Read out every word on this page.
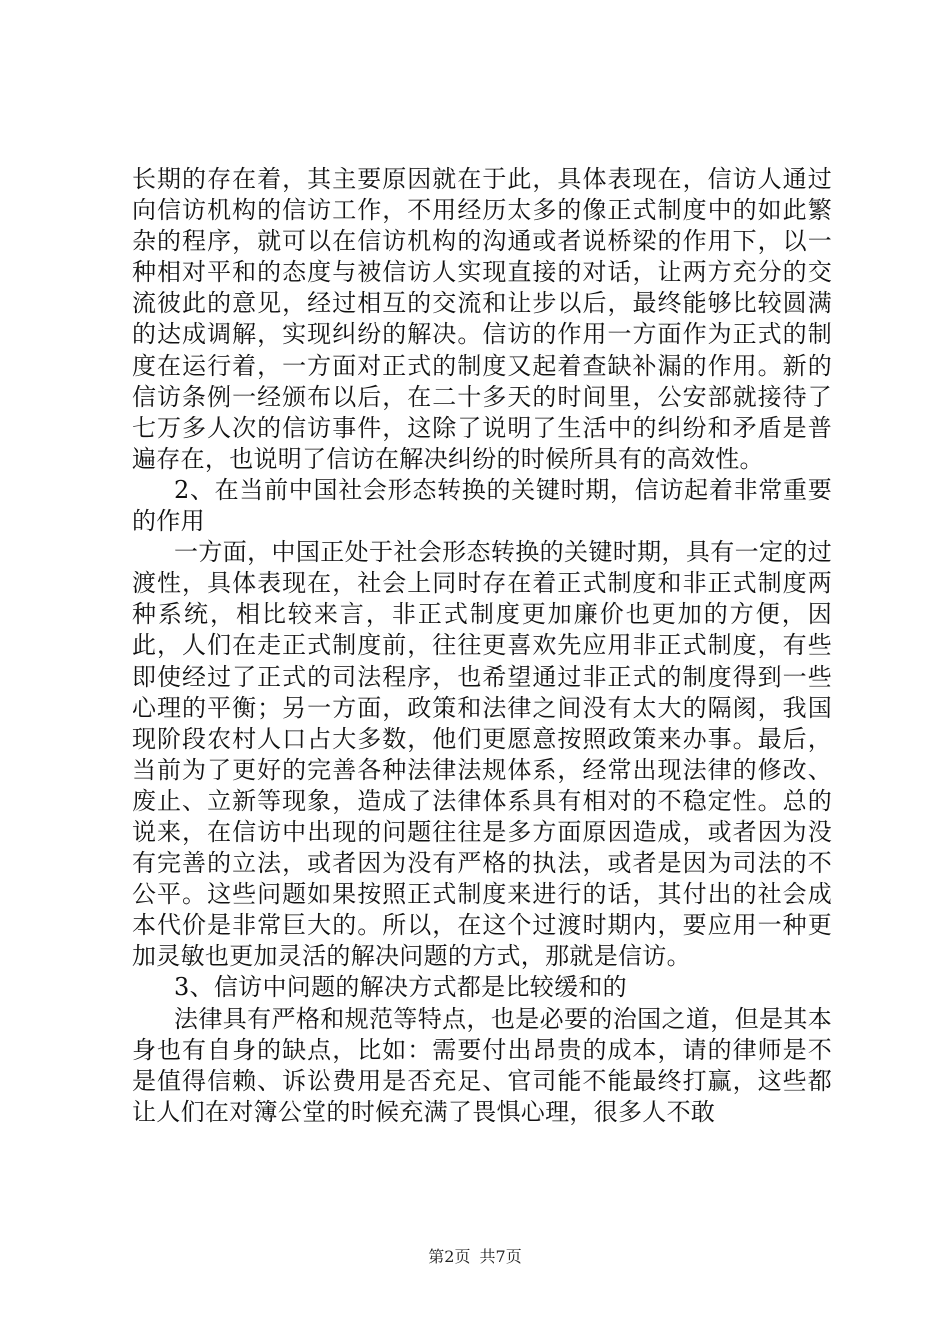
长期的存在着，其主要原因就在于此，具体表现在，信访人通过向信访机构的信访工作，不用经历太多的像正式制度中的如此繁杂的程序，就可以在信访机构的沟通或者说桥梁的作用下，以一种相对平和的态度与被信访人实现直接的对话，让两方充分的交流彼此的意见，经过相互的交流和让步以后，最终能够比较圆满的达成调解，实现纠纷的解决。信访的作用一方面作为正式的制度在运行着，一方面对正式的制度又起着查缺补漏的作用。新的信访条例一经颁布以后，在二十多天的时间里，公安部就接待了七万多人次的信访事件，这除了说明了生活中的纠纷和矛盾是普遍存在，也说明了信访在解决纠纷的时候所具有的高效性。

2、在当前中国社会形态转换的关键时期，信访起着非常重要的作用

一方面，中国正处于社会形态转换的关键时期，具有一定的过渡性，具体表现在，社会上同时存在着正式制度和非正式制度两种系统，相比较来言，非正式制度更加廉价也更加的方便，因此，人们在走正式制度前，往往更喜欢先应用非正式制度，有些即使经过了正式的司法程序，也希望通过非正式的制度得到一些心理的平衡；另一方面，政策和法律之间没有太大的隔阂，我国现阶段农村人口占大多数，他们更愿意按照政策来办事。最后，当前为了更好的完善各种法律法规体系，经常出现法律的修改、废止、立新等现象，造成了法律体系具有相对的不稳定性。总的说来，在信访中出现的问题往往是多方面原因造成，或者因为没有完善的立法，或者因为没有严格的执法，或者是因为司法的不公平。这些问题如果按照正式制度来进行的话，其付出的社会成本代价是非常巨大的。所以，在这个过渡时期内，要应用一种更加灵敏也更加灵活的解决问题的方式，那就是信访。

3、信访中问题的解决方式都是比较缓和的

法律具有严格和规范等特点，也是必要的治国之道，但是其本身也有自身的缺点，比如：需要付出昂贵的成本，请的律师是不是值得信赖、诉讼费用是否充足、官司能不能最终打赢，这些都让人们在对簿公堂的时候充满了畏惧心理，很多人不敢

第2页 共7页
